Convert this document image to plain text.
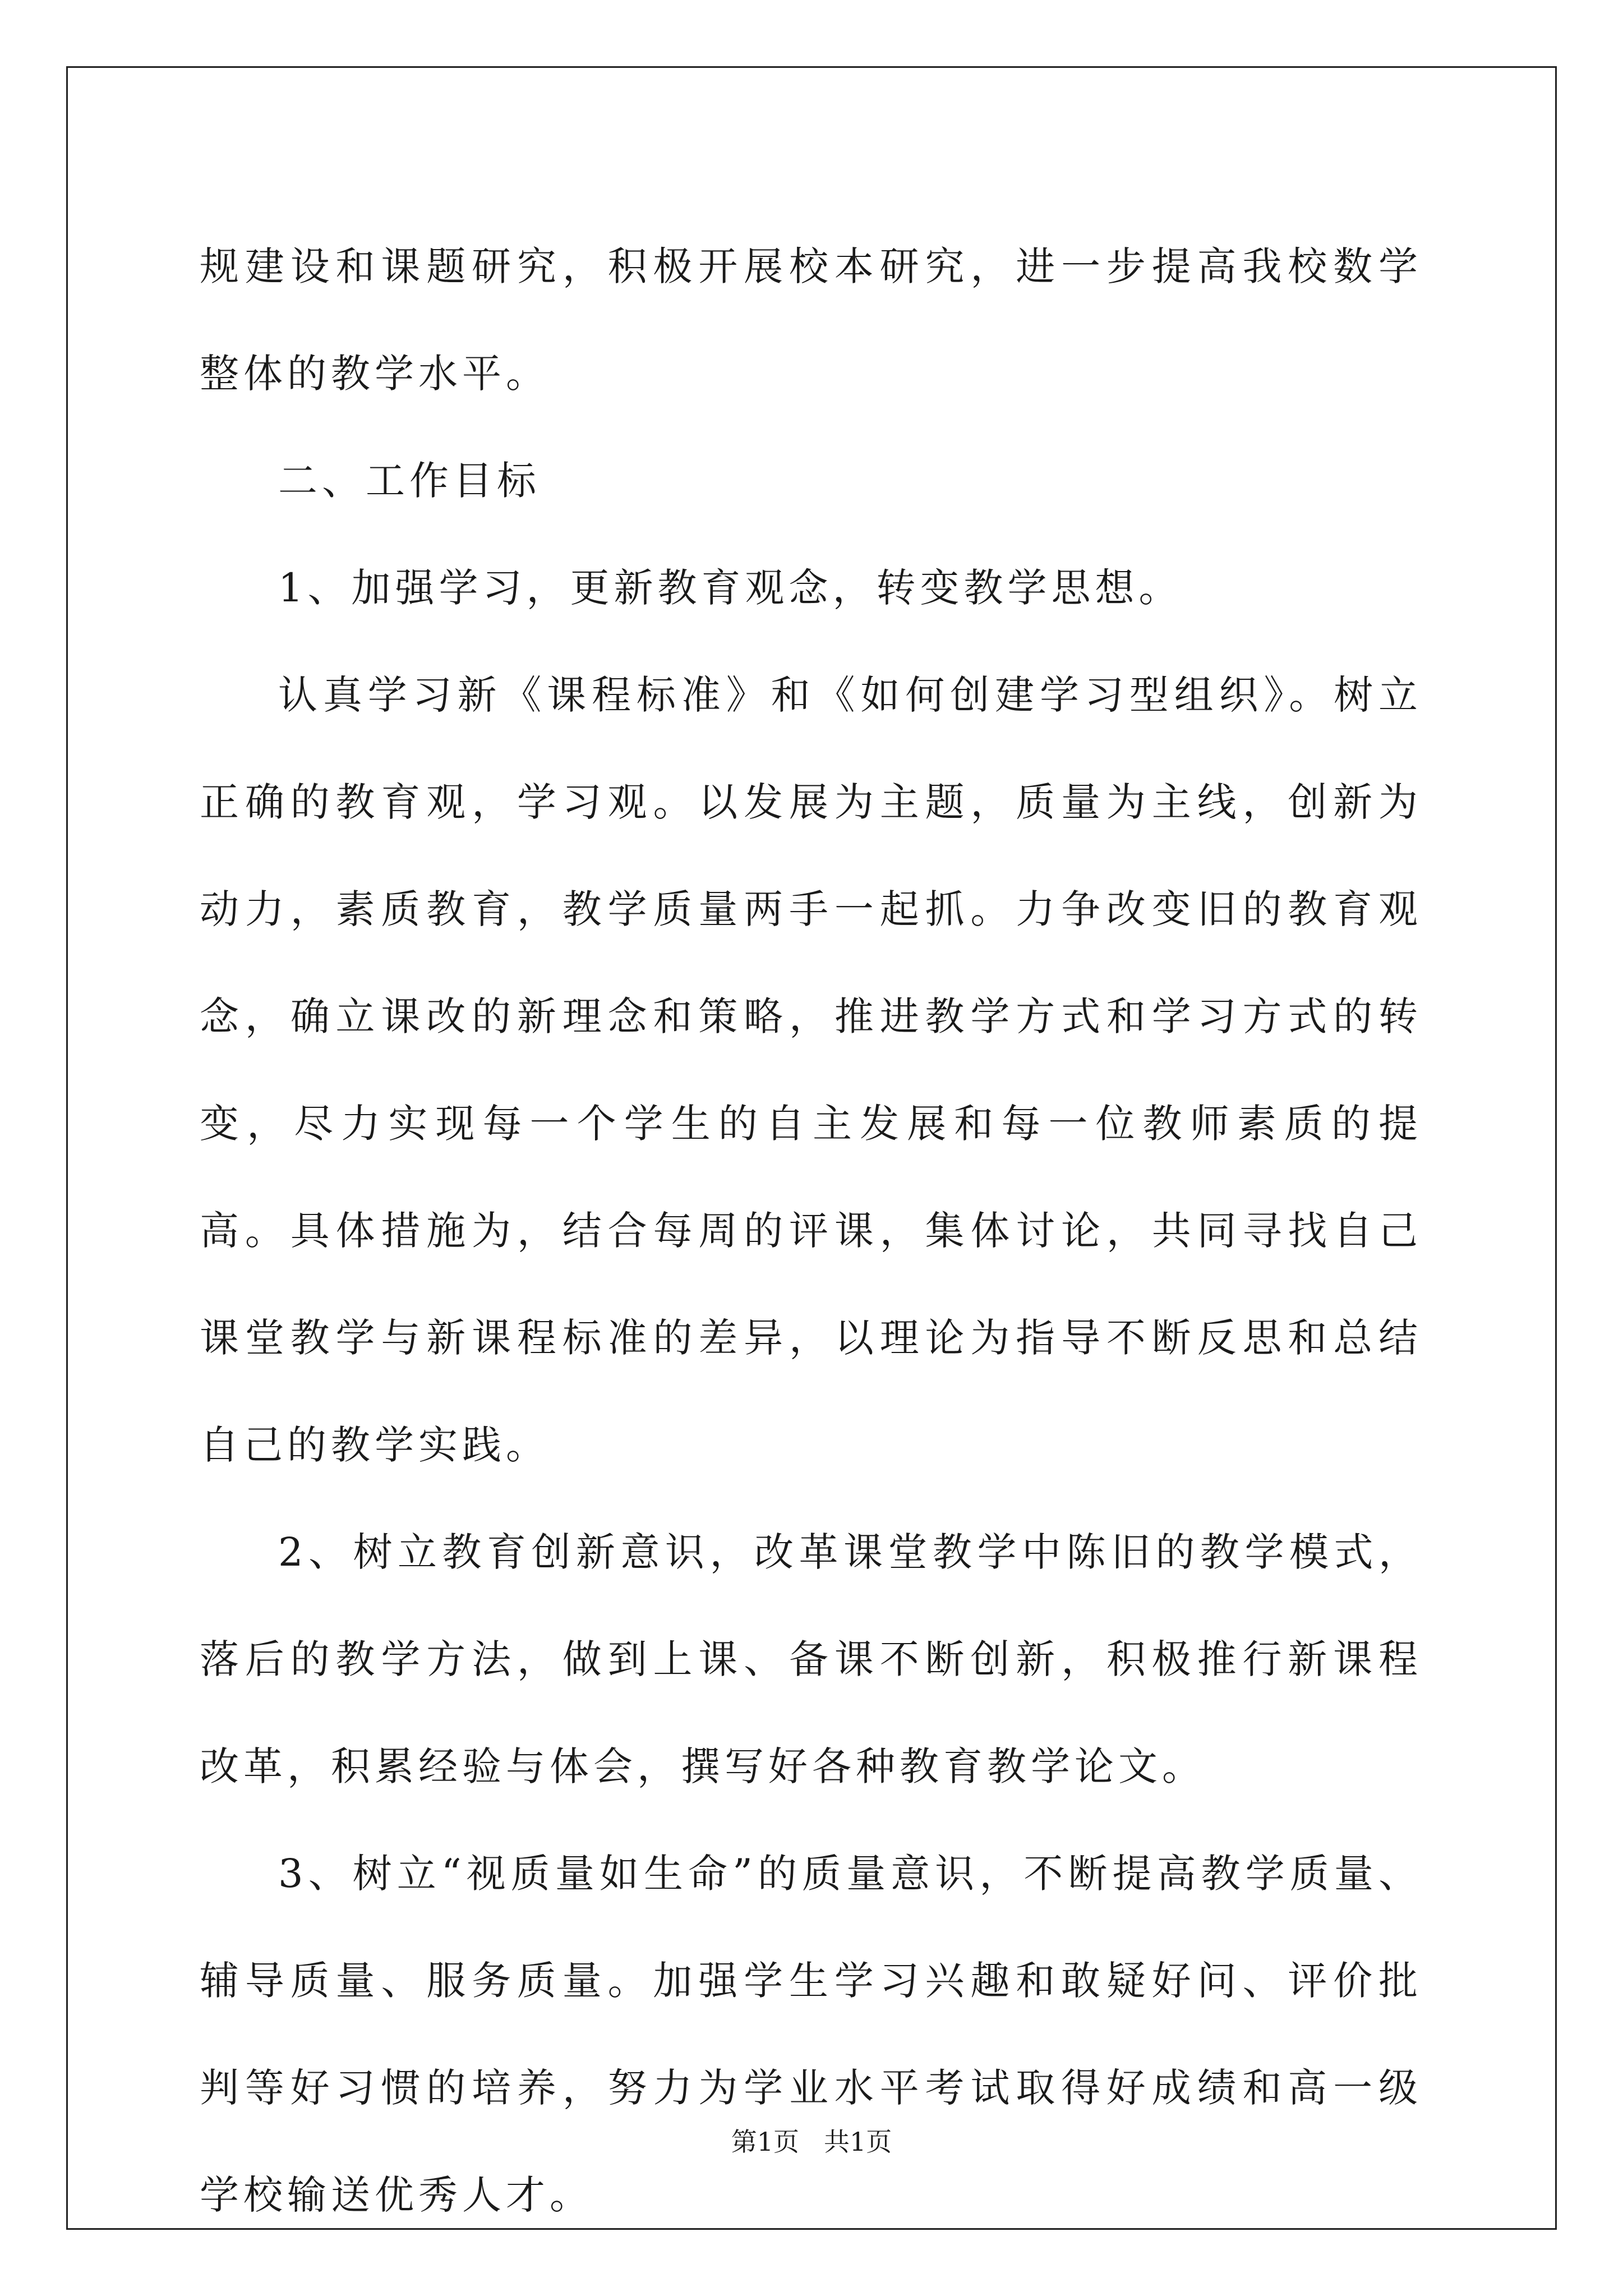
规建设和课题研究，积极开展校本研究，进一步提高我校数学整体的教学水平。

二、工作目标

1、加强学习，更新教育观念，转变教学思想。

认真学习新《课程标准》和《如何创建学习型组织》。树立正确的教育观，学习观。以发展为主题，质量为主线，创新为动力，素质教育，教学质量两手一起抓。力争改变旧的教育观念，确立课改的新理念和策略，推进教学方式和学习方式的转变，尽力实现每一个学生的自主发展和每一位教师素质的提高。具体措施为，结合每周的评课，集体讨论，共同寻找自己课堂教学与新课程标准的差异，以理论为指导不断反思和总结自己的教学实践。

2、树立教育创新意识，改革课堂教学中陈旧的教学模式，落后的教学方法，做到上课、备课不断创新，积极推行新课程改革，积累经验与体会，撰写好各种教育教学论文。

3、树立“视质量如生命”的质量意识，不断提高教学质量、辅导质量、服务质量。加强学生学习兴趣和敢疑好问、评价批判等好习惯的培养，努力为学业水平考试取得好成绩和高一级学校输送优秀人才。

第1页 共1页
